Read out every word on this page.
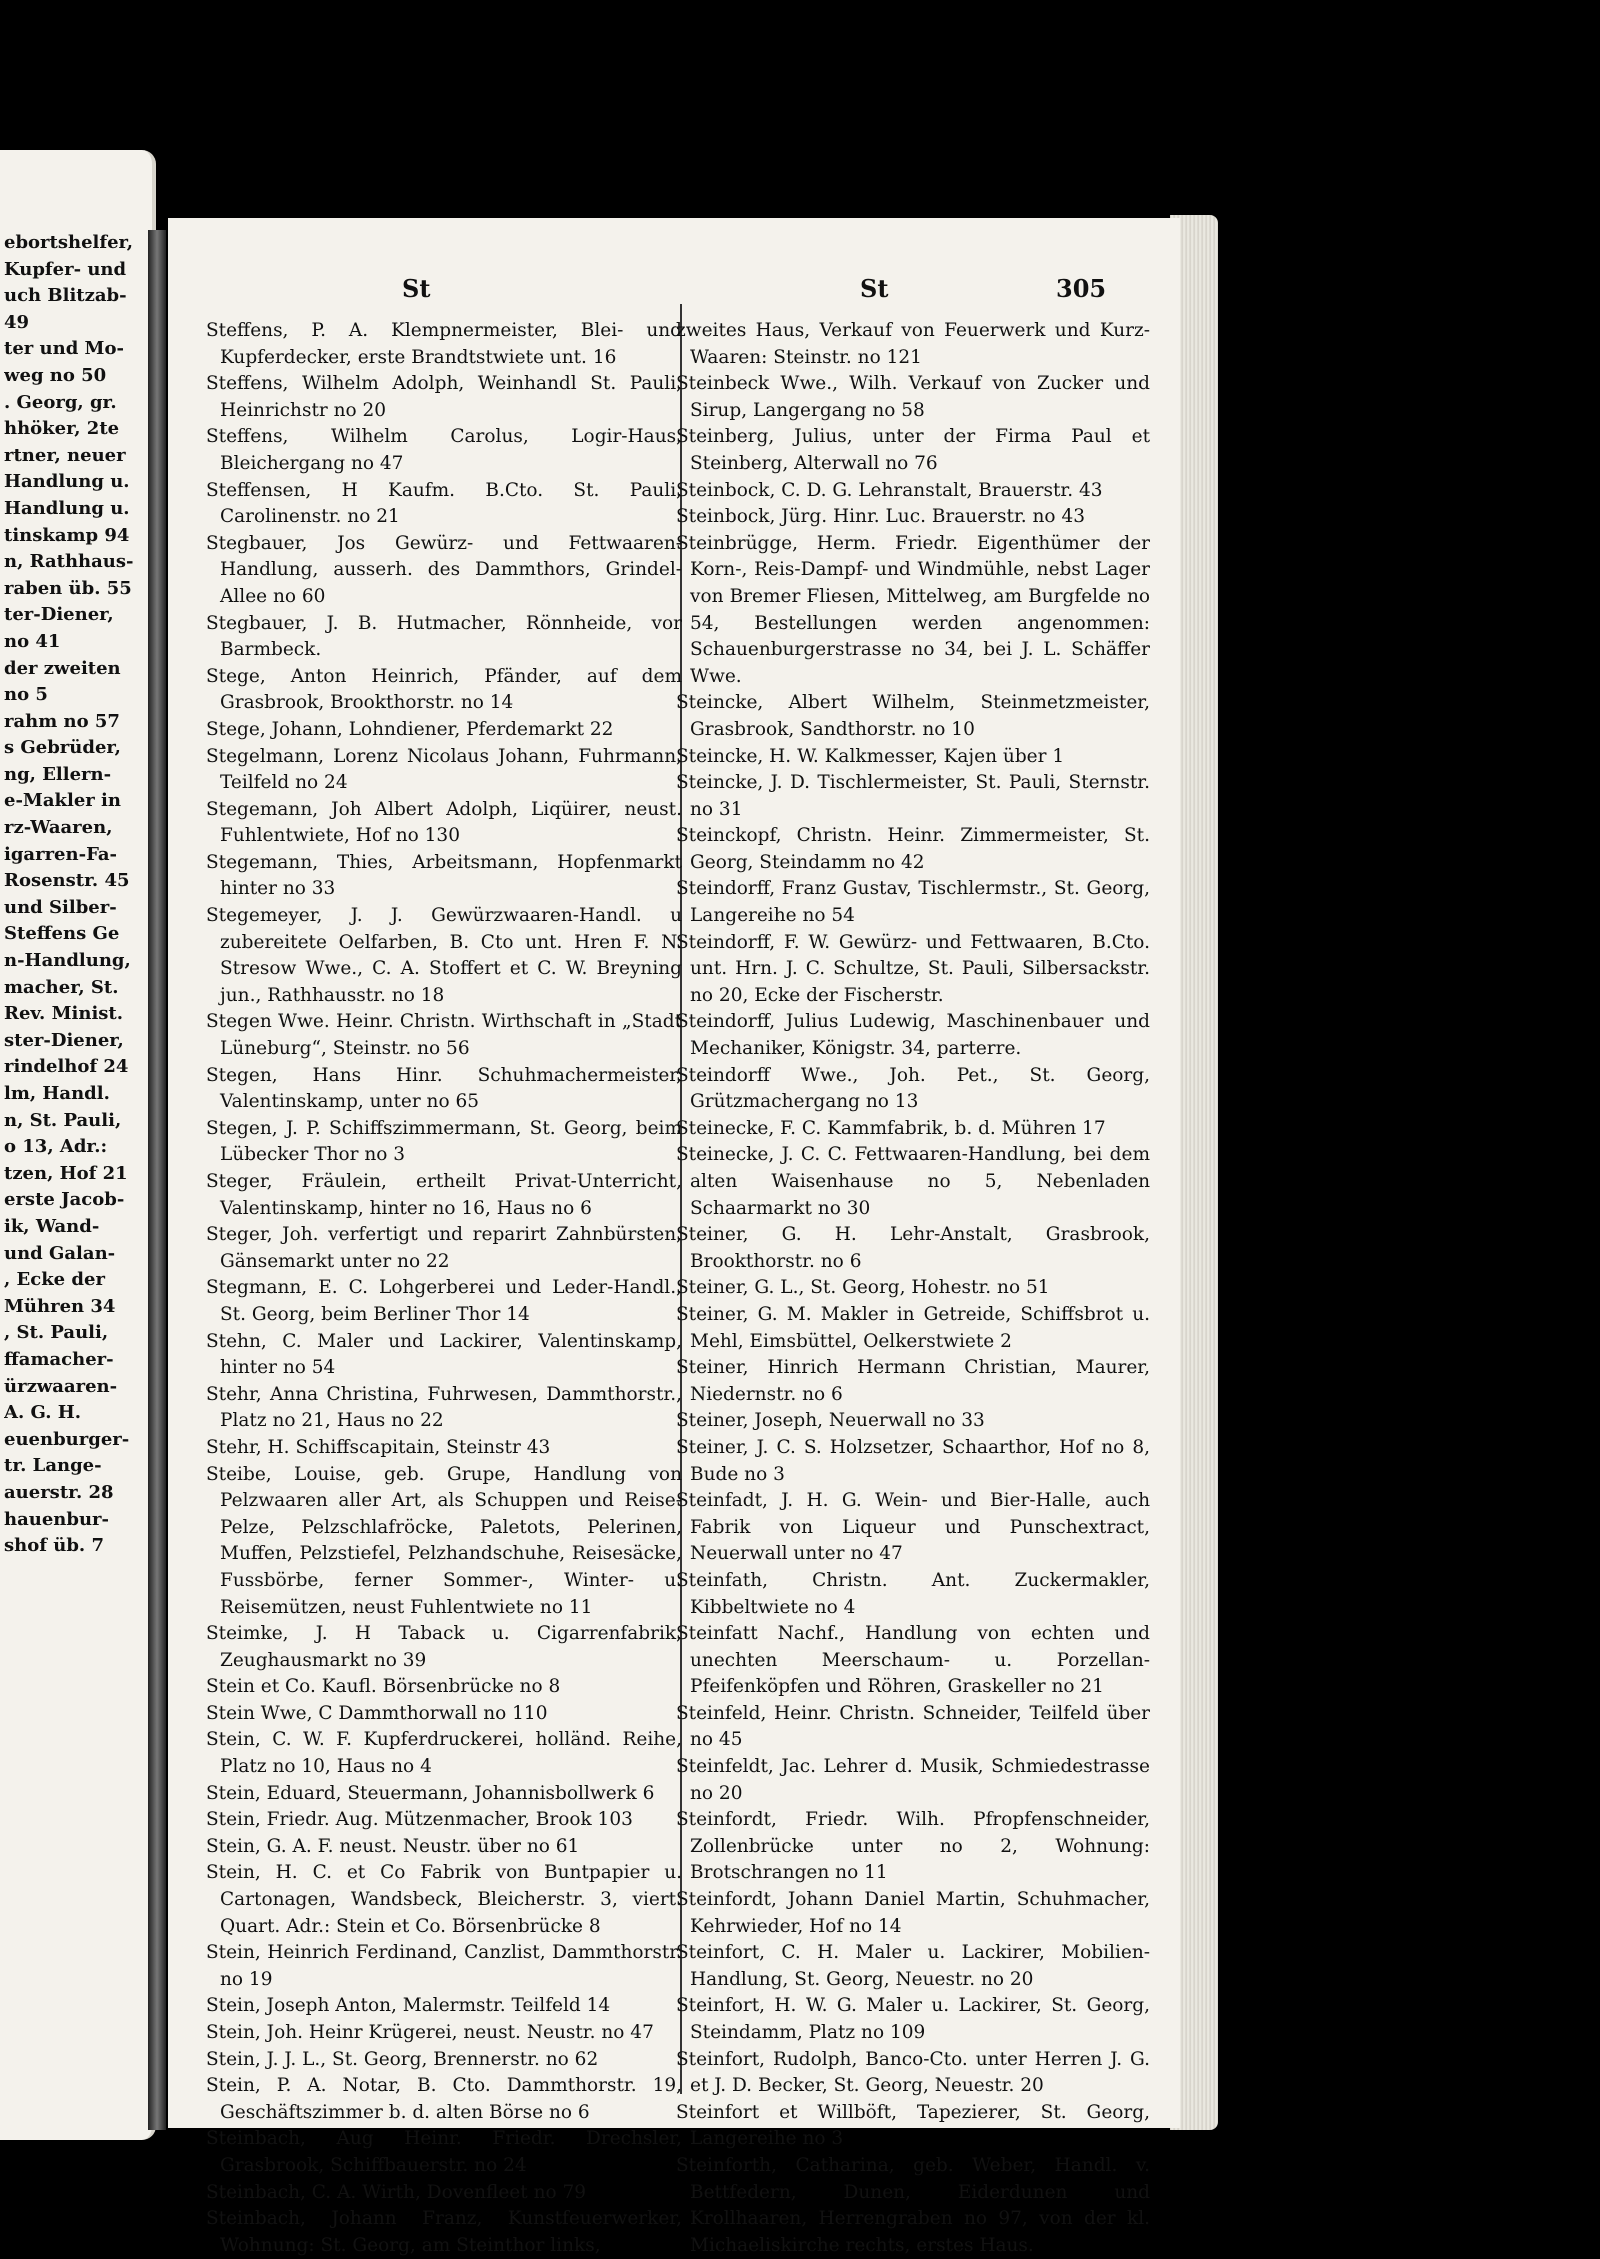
ebortshelfer,
Kupfer- und
uch Blitzab-
49
ter und Mo-
weg no 50
. Georg, gr.
hhöker, 2te
rtner, neuer
Handlung u.
Handlung u.
tinskamp 94
n, Rathhaus-
raben üb. 55
ter-Diener,
no 41
der zweiten
no 5
rahm no 57
s Gebrüder,
ng, Ellern-
e-Makler in
rz-Waaren,
igarren-Fa-
Rosenstr. 45
und Silber-
Steffens Ge
n-Handlung,
macher, St.
Rev. Minist.
ster-Diener,
rindelhof 24
lm, Handl.
n, St. Pauli,
o 13, Adr.:
tzen, Hof 21
erste Jacob-
ik, Wand-
und Galan-
, Ecke der
Mühren 34
, St. Pauli,
ffamacher-
ürzwaaren-
A. G. H.
euenburger-
tr. Lange-
auerstr. 28
hauenbur-
shof üb. 7
St	St	305

Steffens, P. A. Klempnermeister, Blei- und Kupferdecker, erste Brandtstwiete unt. 16

Steffens, Wilhelm Adolph, Weinhandl St. Pauli, Heinrichstr no 20

Steffens, Wilhelm Carolus, Logir-Haus, Bleichergang no 47

Steffensen, H Kaufm. B.Cto. St. Pauli, Carolinenstr. no 21

Stegbauer, Jos Gewürz- und Fettwaaren-Handlung, ausserh. des Dammthors, Grindel-Allee no 60

Stegbauer, J. B. Hutmacher, Rönnheide, vor Barmbeck.

Stege, Anton Heinrich, Pfänder, auf dem Grasbrook, Brookthorstr. no 14

Stege, Johann, Lohndiener, Pferdemarkt 22

Stegelmann, Lorenz Nicolaus Johann, Fuhrmann, Teilfeld no 24

Stegemann, Joh Albert Adolph, Liqüirer, neust. Fuhlentwiete, Hof no 130

Stegemann, Thies, Arbeitsmann, Hopfenmarkt hinter no 33

Stegemeyer, J. J. Gewürzwaaren-Handl. u zubereitete Oelfarben, B. Cto unt. Hren F. N. Stresow Wwe., C. A. Stoffert et C. W. Breyning jun., Rathhausstr. no 18

Stegen Wwe. Heinr. Christn. Wirthschaft in „Stadt Lüneburg“, Steinstr. no 56

Stegen, Hans Hinr. Schuhmachermeister, Valentinskamp, unter no 65

Stegen, J. P. Schiffszimmermann, St. Georg, beim Lübecker Thor no 3

Steger, Fräulein, ertheilt Privat-Unterricht, Valentinskamp, hinter no 16, Haus no 6

Steger, Joh. verfertigt und reparirt Zahnbürsten, Gänsemarkt unter no 22

Stegmann, E. C. Lohgerberei und Leder-Handl., St. Georg, beim Berliner Thor 14

Stehn, C. Maler und Lackirer, Valentinskamp, hinter no 54

Stehr, Anna Christina, Fuhrwesen, Dammthorstr., Platz no 21, Haus no 22

Stehr, H. Schiffscapitain, Steinstr 43

Steibe, Louise, geb. Grupe, Handlung von Pelzwaaren aller Art, als Schuppen und Reise-Pelze, Pelzschlafröcke, Paletots, Pelerinen, Muffen, Pelzstiefel, Pelzhandschuhe, Reisesäcke, Fussbörbe, ferner Sommer-, Winter- u. Reisemützen, neust Fuhlentwiete no 11

Steimke, J. H Taback u. Cigarrenfabrik, Zeughausmarkt no 39

Stein et Co. Kaufl. Börsenbrücke no 8

Stein Wwe, C Dammthorwall no 110

Stein, C. W. F. Kupferdruckerei, holländ. Reihe, Platz no 10, Haus no 4

Stein, Eduard, Steuermann, Johannisbollwerk 6

Stein, Friedr. Aug. Mützenmacher, Brook 103

Stein, G. A. F. neust. Neustr. über no 61

Stein, H. C. et Co Fabrik von Buntpapier u. Cartonagen, Wandsbeck, Bleicherstr. 3, viert. Quart. Adr.: Stein et Co. Börsenbrücke 8

Stein, Heinrich Ferdinand, Canzlist, Dammthorstr. no 19

Stein, Joseph Anton, Malermstr. Teilfeld 14

Stein, Joh. Heinr Krügerei, neust. Neustr. no 47

Stein, J. J. L., St. Georg, Brennerstr. no 62

Stein, P. A. Notar, B. Cto. Dammthorstr. 19, Geschäftszimmer b. d. alten Börse no 6

Steinbach, Aug Heinr. Friedr. Drechsler, Grasbrook, Schiffbauerstr. no 24

Steinbach, C. A. Wirth, Dovenfleet no 79

Steinbach, Johann Franz, Kunstfeuerwerker, Wohnung: St. Georg, am Steinthor links,

zweites Haus, Verkauf von Feuerwerk und Kurz-Waaren: Steinstr. no 121

Steinbeck Wwe., Wilh. Verkauf von Zucker und Sirup, Langergang no 58

Steinberg, Julius, unter der Firma Paul et Steinberg, Alterwall no 76

Steinbock, C. D. G. Lehranstalt, Brauerstr. 43

Steinbock, Jürg. Hinr. Luc. Brauerstr. no 43

Steinbrügge, Herm. Friedr. Eigenthümer der Korn-, Reis-Dampf- und Windmühle, nebst Lager von Bremer Fliesen, Mittelweg, am Burgfelde no 54, Bestellungen werden angenommen: Schauenburgerstrasse no 34, bei J. L. Schäffer Wwe.

Steincke, Albert Wilhelm, Steinmetzmeister, Grasbrook, Sandthorstr. no 10

Steincke, H. W. Kalkmesser, Kajen über 1

Steincke, J. D. Tischlermeister, St. Pauli, Sternstr. no 31

Steinckopf, Christn. Heinr. Zimmermeister, St. Georg, Steindamm no 42

Steindorff, Franz Gustav, Tischlermstr., St. Georg, Langereihe no 54

Steindorff, F. W. Gewürz- und Fettwaaren, B.Cto. unt. Hrn. J. C. Schultze, St. Pauli, Silbersackstr. no 20, Ecke der Fischerstr.

Steindorff, Julius Ludewig, Maschinenbauer und Mechaniker, Königstr. 34, parterre.

Steindorff Wwe., Joh. Pet., St. Georg, Grützmachergang no 13

Steinecke, F. C. Kammfabrik, b. d. Mühren 17

Steinecke, J. C. C. Fettwaaren-Handlung, bei dem alten Waisenhause no 5, Nebenladen Schaarmarkt no 30

Steiner, G. H. Lehr-Anstalt, Grasbrook, Brookthorstr. no 6

Steiner, G. L., St. Georg, Hohestr. no 51

Steiner, G. M. Makler in Getreide, Schiffsbrot u. Mehl, Eimsbüttel, Oelkerstwiete 2

Steiner, Hinrich Hermann Christian, Maurer, Niedernstr. no 6

Steiner, Joseph, Neuerwall no 33

Steiner, J. C. S. Holzsetzer, Schaarthor, Hof no 8, Bude no 3

Steinfadt, J. H. G. Wein- und Bier-Halle, auch Fabrik von Liqueur und Punschextract, Neuerwall unter no 47

Steinfath, Christn. Ant. Zuckermakler, Kibbeltwiete no 4

Steinfatt Nachf., Handlung von echten und unechten Meerschaum- u. Porzellan-Pfeifenköpfen und Röhren, Graskeller no 21

Steinfeld, Heinr. Christn. Schneider, Teilfeld über no 45

Steinfeldt, Jac. Lehrer d. Musik, Schmiedestrasse no 20

Steinfordt, Friedr. Wilh. Pfropfenschneider, Zollenbrücke unter no 2, Wohnung: Brotschrangen no 11

Steinfordt, Johann Daniel Martin, Schuhmacher, Kehrwieder, Hof no 14

Steinfort, C. H. Maler u. Lackirer, Mobilien-Handlung, St. Georg, Neuestr. no 20

Steinfort, H. W. G. Maler u. Lackirer, St. Georg, Steindamm, Platz no 109

Steinfort, Rudolph, Banco-Cto. unter Herren J. G. et J. D. Becker, St. Georg, Neuestr. 20

Steinfort et Willböft, Tapezierer, St. Georg, Langereihe no 3

Steinforth, Catharina, geb. Weber, Handl. v. Bettfedern, Dunen, Eiderdunen und Krollhaaren, Herrengraben no 97, von der kl. Michaeliskirche rechts, erstes Haus.
